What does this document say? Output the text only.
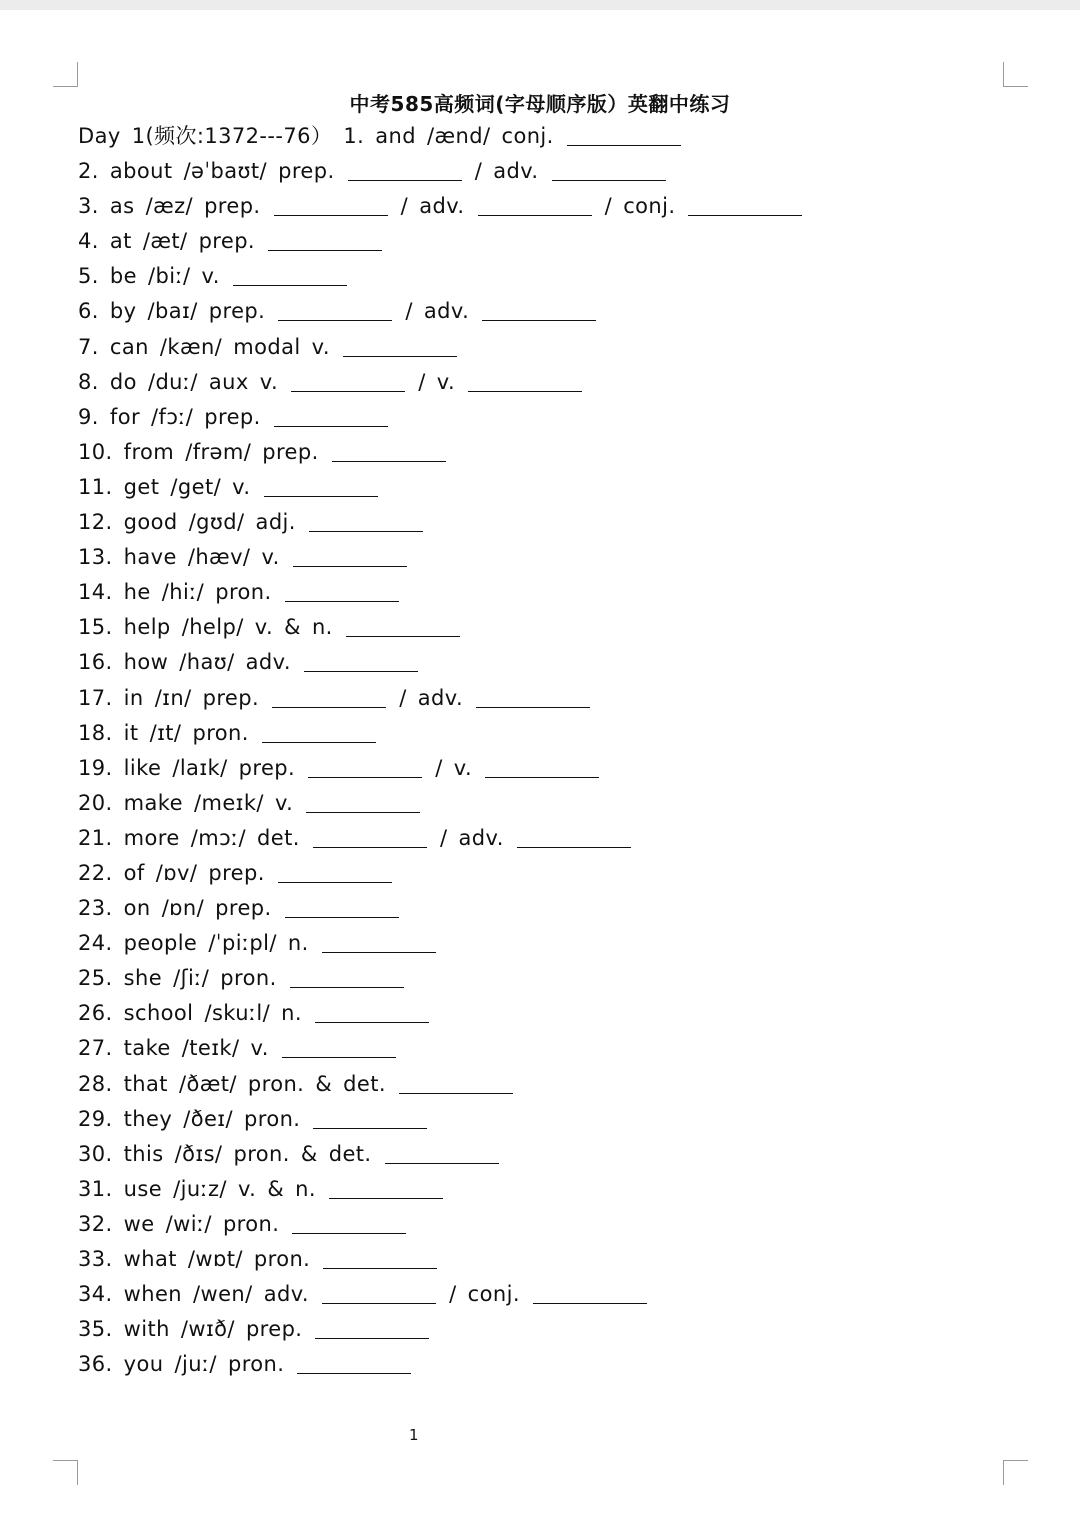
中考585高频词(字母顺序版）英翻中练习
Day 1(频次:1372---76） 1. and /ænd/ conj.
2. about /əˈbaʊt/ prep.	/ adv.
3. as /æz/ prep.	/ adv.	/ conj.
4. at /æt/ prep.
5. be /biː/ v.
6. by /baɪ/ prep.	/ adv.
7. can /kæn/ modal v.
8. do /duː/ aux v.	/ v.
9. for /fɔː/ prep.
10. from /frəm/ prep.
11. get /get/ v.
12. good /gʊd/ adj.
13. have /hæv/ v.
14. he /hiː/ pron.
15. help /help/ v. & n.
16. how /haʊ/ adv.
17. in /ɪn/ prep.	/ adv.
18. it /ɪt/ pron.
19. like /laɪk/ prep.	/ v.
20. make /meɪk/ v.
21. more /mɔː/ det.	/ adv.
22. of /ɒv/ prep.
23. on /ɒn/ prep.
24. people /ˈpiːpl/ n.
25. she /ʃiː/ pron.
26. school /skuːl/ n.
27. take /teɪk/ v.
28. that /ðæt/ pron. & det.
29. they /ðeɪ/ pron.
30. this /ðɪs/ pron. & det.
31. use /juːz/ v. & n.
32. we /wiː/ pron.
33. what /wɒt/ pron.
34. when /wen/ adv.	/ conj.
35. with /wɪð/ prep.
36. you /juː/ pron.
1
